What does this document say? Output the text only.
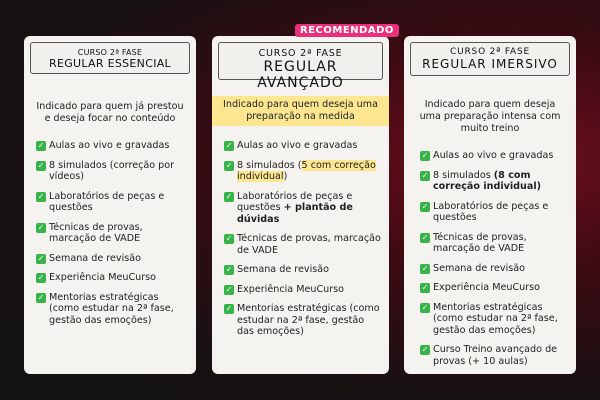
CURSO 2ª FASE
REGULAR ESSENCIAL
Indicado para quem já prestou e deseja focar no conteúdo
✓ Aulas ao vivo e gravadas
✓ 8 simulados (correção por vídeos)
✓ Laboratórios de peças e questões
✓ Técnicas de provas, marcação de VADE
✓ Semana de revisão
✓ Experiência MeuCurso
✓ Mentorias estratégicas (como estudar na 2ª fase, gestão das emoções)
CURSO 2ª FASE
REGULAR AVANÇADO
Indicado para quem deseja uma preparação na medida
✓ Aulas ao vivo e gravadas
✓ 8 simulados (5 com correção individual)
✓ Laboratórios de peças e questões + plantão de dúvidas
✓ Técnicas de provas, marcação de VADE
✓ Semana de revisão
✓ Experiência MeuCurso
✓ Mentorias estratégicas (como estudar na 2ª fase, gestão das emoções)
RECOMENDADO
CURSO 2ª FASE
REGULAR IMERSIVO
Indicado para quem deseja uma preparação intensa com muito treino
✓ Aulas ao vivo e gravadas
✓ 8 simulados (8 com correção individual)
✓ Laboratórios de peças e questões
✓ Técnicas de provas, marcação de VADE
✓ Semana de revisão
✓ Experiência MeuCurso
✓ Mentorias estratégicas (como estudar na 2ª fase, gestão das emoções)
✓ Curso Treino avançado de provas (+ 10 aulas)
